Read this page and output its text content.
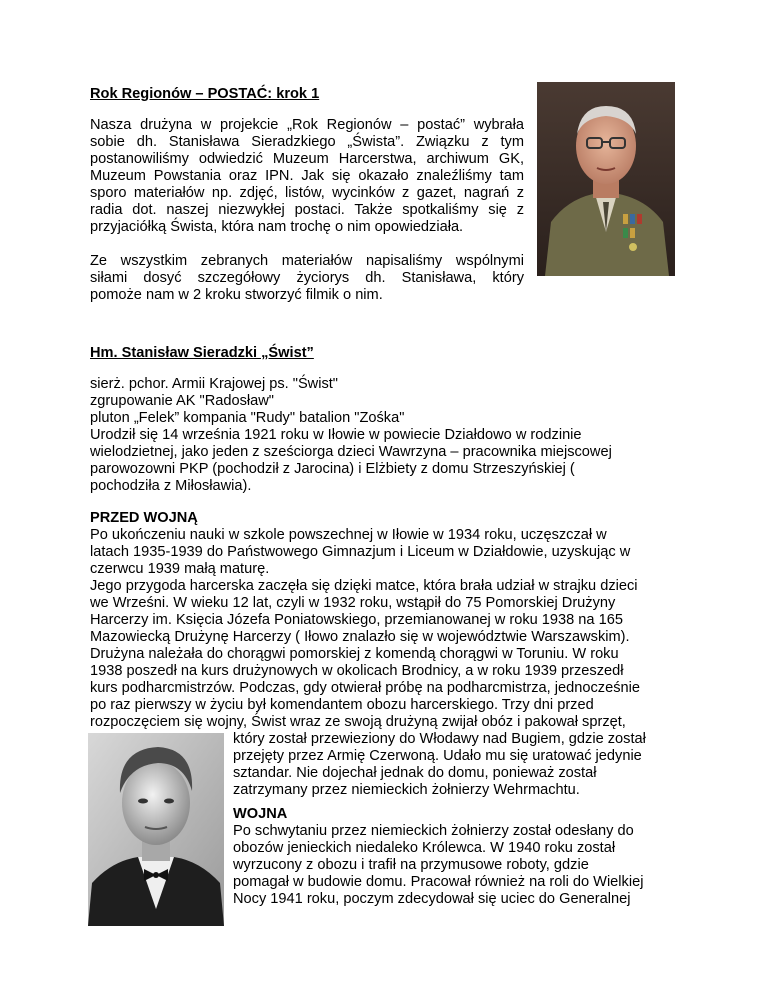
Rok Regionów – POSTAĆ: krok 1
Nasza drużyna w projekcie „Rok Regionów – postać” wybrała
sobie dh. Stanisława Sieradzkiego „Śwista”. Związku z tym
postanowiliśmy odwiedzić Muzeum Harcerstwa, archiwum GK,
Muzeum Powstania oraz IPN. Jak się okazało znaleźliśmy tam
sporo materiałów np. zdjęć, listów, wycinków z gazet, nagrań z
radia dot. naszej niezwykłej postaci. Także spotkaliśmy się z
przyjaciółką Śwista, która nam trochę o nim opowiedziała.
Ze wszystkim zebranych materiałów napisaliśmy wspólnymi
siłami dosyć szczegółowy życiorys dh. Stanisława, który
pomoże nam w 2 kroku stworzyć filmik o nim.
Hm. Stanisław Sieradzki „Świst”
sierż. pchor. Armii Krajowej ps. "Świst"
zgrupowanie AK "Radosław"
pluton „Felek” kompania "Rudy" batalion "Zośka"
Urodził się 14 września 1921 roku w Iłowie w powiecie Działdowo w rodzinie
wielodzietnej, jako jeden z sześciorga dzieci Wawrzyna – pracownika miejscowej
parowozowni PKP (pochodził z Jarocina) i Elżbiety z domu Strzeszyńskiej (
pochodziła z Miłosławia).
PRZED WOJNĄ
Po ukończeniu nauki w szkole powszechnej w Iłowie w 1934 roku, uczęszczał w
latach 1935-1939 do Państwowego Gimnazjum i Liceum w Działdowie, uzyskując w
czerwcu 1939 małą maturę.
Jego przygoda harcerska zaczęła się dzięki matce, która brała udział w strajku dzieci
we Wrześni. W wieku 12 lat, czyli w 1932 roku, wstąpił do 75 Pomorskiej Drużyny
Harcerzy im. Księcia Józefa Poniatowskiego, przemianowanej w roku 1938 na 165
Mazowiecką Drużynę Harcerzy ( Iłowo znalazło się w województwie Warszawskim).
Drużyna należała do chorągwi pomorskiej z komendą chorągwi w Toruniu. W roku
1938 poszedł na kurs drużynowych w okolicach Brodnicy, a w roku 1939 przeszedł
kurs podharcmistrzów. Podczas, gdy otwierał próbę na podharcmistrza, jednocześnie
po raz pierwszy w życiu był komendantem obozu harcerskiego. Trzy dni przed
rozpoczęciem się wojny, Świst wraz ze swoją drużyną zwijał obóz i pakował sprzęt,
który został przewieziony do Włodawy nad Bugiem, gdzie został
przejęty przez Armię Czerwoną. Udało mu się uratować jedynie
sztandar. Nie dojechał jednak do domu, ponieważ został
zatrzymany przez niemieckich żołnierzy Wehrmachtu.
WOJNA
Po schwytaniu przez niemieckich żołnierzy został odesłany do
obozów jenieckich niedaleko Królewca. W 1940 roku został
wyrzucony z obozu i trafił na przymusowe roboty, gdzie
pomagał w budowie domu. Pracował również na roli do Wielkiej
Nocy 1941 roku, poczym zdecydował się uciec do Generalnej
